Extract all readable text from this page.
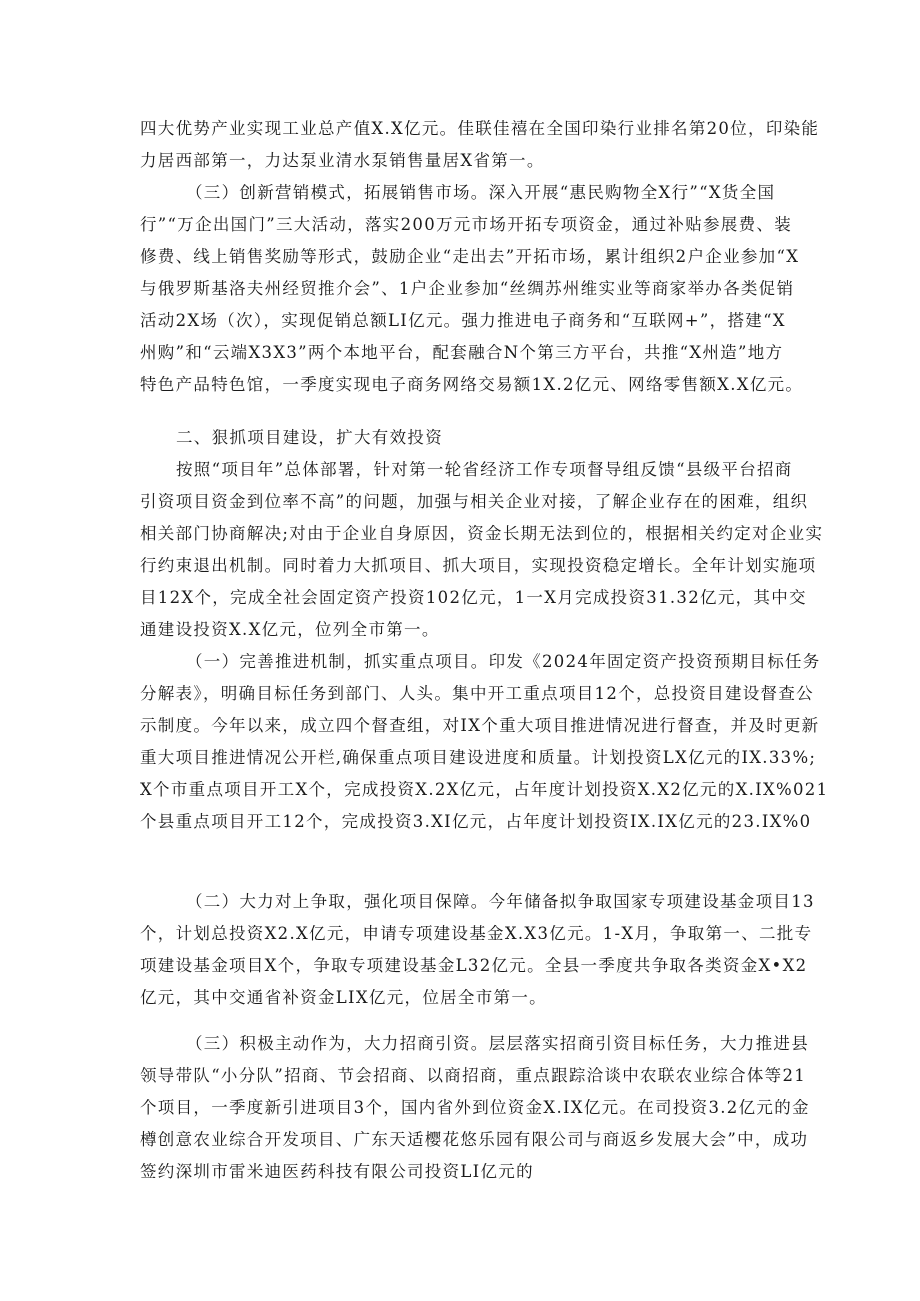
四大优势产业实现工业总产值X.X亿元。佳联佳禧在全国印染行业排名第20位，印染能
力居西部第一，力达泵业清水泵销售量居X省第一。
（三）创新营销模式，拓展销售市场。深入开展“惠民购物全X行”“X货全国
行”“万企出国门”三大活动，落实200万元市场开拓专项资金，通过补贴参展费、装
修费、线上销售奖励等形式，鼓励企业“走出去”开拓市场，累计组织2户企业参加“X
与俄罗斯基洛夫州经贸推介会”、1户企业参加“丝绸苏州维实业等商家举办各类促销
活动2X场（次），实现促销总额LI亿元。强力推进电子商务和“互联网+”，搭建“X
州购”和“云端X3X3”两个本地平台，配套融合N个第三方平台，共推“X州造”地方
特色产品特色馆，一季度实现电子商务网络交易额1X.2亿元、网络零售额X.X亿元。
二、狠抓项目建设，扩大有效投资
按照“项目年”总体部署，针对第一轮省经济工作专项督导组反馈“县级平台招商
引资项目资金到位率不高”的问题，加强与相关企业对接，了解企业存在的困难，组织
相关部门协商解决;对由于企业自身原因，资金长期无法到位的，根据相关约定对企业实
行约束退出机制。同时着力大抓项目、抓大项目，实现投资稳定增长。全年计划实施项
目12X个，完成全社会固定资产投资102亿元，1一X月完成投资31.32亿元，其中交
通建设投资X.X亿元，位列全市第一。
（一）完善推进机制，抓实重点项目。印发《2024年固定资产投资预期目标任务
分解表》，明确目标任务到部门、人头。集中开工重点项目12个，总投资目建设督查公
示制度。今年以来，成立四个督查组，对IX个重大项目推进情况进行督查，并及时更新
重大项目推进情况公开栏,确保重点项目建设进度和质量。计划投资LX亿元的IX.33%;
X个市重点项目开工X个，完成投资X.2X亿元，占年度计划投资X.X2亿元的X.IX%021
个县重点项目开工12个，完成投资3.XI亿元，占年度计划投资IX.IX亿元的23.IX%0
（二）大力对上争取，强化项目保障。今年储备拟争取国家专项建设基金项目13
个，计划总投资X2.X亿元，申请专项建设基金X.X3亿元。1-X月，争取第一、二批专
项建设基金项目X个，争取专项建设基金L32亿元。全县一季度共争取各类资金X•X2
亿元，其中交通省补资金LIX亿元，位居全市第一。
（三）积极主动作为，大力招商引资。层层落实招商引资目标任务，大力推进县
领导带队“小分队”招商、节会招商、以商招商，重点跟踪洽谈中农联农业综合体等21
个项目，一季度新引进项目3个，国内省外到位资金X.IX亿元。在司投资3.2亿元的金
樽创意农业综合开发项目、广东天适樱花悠乐园有限公司与商返乡发展大会”中，成功
签约深圳市雷米迪医药科技有限公司投资LI亿元的
